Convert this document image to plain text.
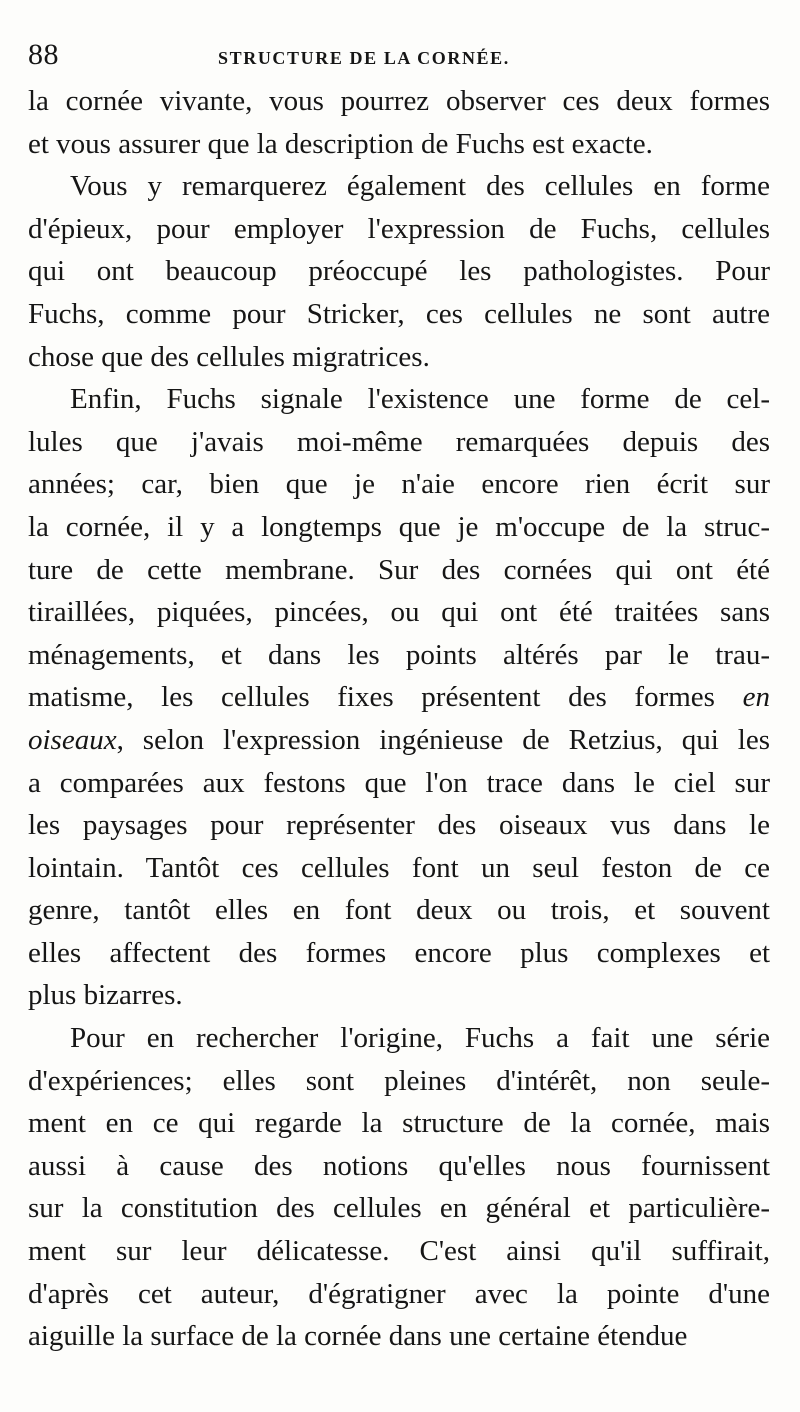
88	STRUCTURE DE LA CORNÉE.
la cornée vivante, vous pourrez observer ces deux formes
et vous assurer que la description de Fuchs est exacte.
Vous y remarquerez également des cellules en forme
d'épieux, pour employer l'expression de Fuchs, cellules
qui ont beaucoup préoccupé les pathologistes. Pour
Fuchs, comme pour Stricker, ces cellules ne sont autre
chose que des cellules migratrices.
Enfin, Fuchs signale l'existence une forme de cel-
lules que j'avais moi-même remarquées depuis des
années; car, bien que je n'aie encore rien écrit sur
la cornée, il y a longtemps que je m'occupe de la struc-
ture de cette membrane. Sur des cornées qui ont été
tiraillées, piquées, pincées, ou qui ont été traitées sans
ménagements, et dans les points altérés par le trau-
matisme, les cellules fixes présentent des formes en
oiseaux, selon l'expression ingénieuse de Retzius, qui les
a comparées aux festons que l'on trace dans le ciel sur
les paysages pour représenter des oiseaux vus dans le
lointain. Tantôt ces cellules font un seul feston de ce
genre, tantôt elles en font deux ou trois, et souvent
elles affectent des formes encore plus complexes et
plus bizarres.
Pour en rechercher l'origine, Fuchs a fait une série
d'expériences; elles sont pleines d'intérêt, non seule-
ment en ce qui regarde la structure de la cornée, mais
aussi à cause des notions qu'elles nous fournissent
sur la constitution des cellules en général et particulière-
ment sur leur délicatesse. C'est ainsi qu'il suffirait,
d'après cet auteur, d'égratigner avec la pointe d'une
aiguille la surface de la cornée dans une certaine étendue
